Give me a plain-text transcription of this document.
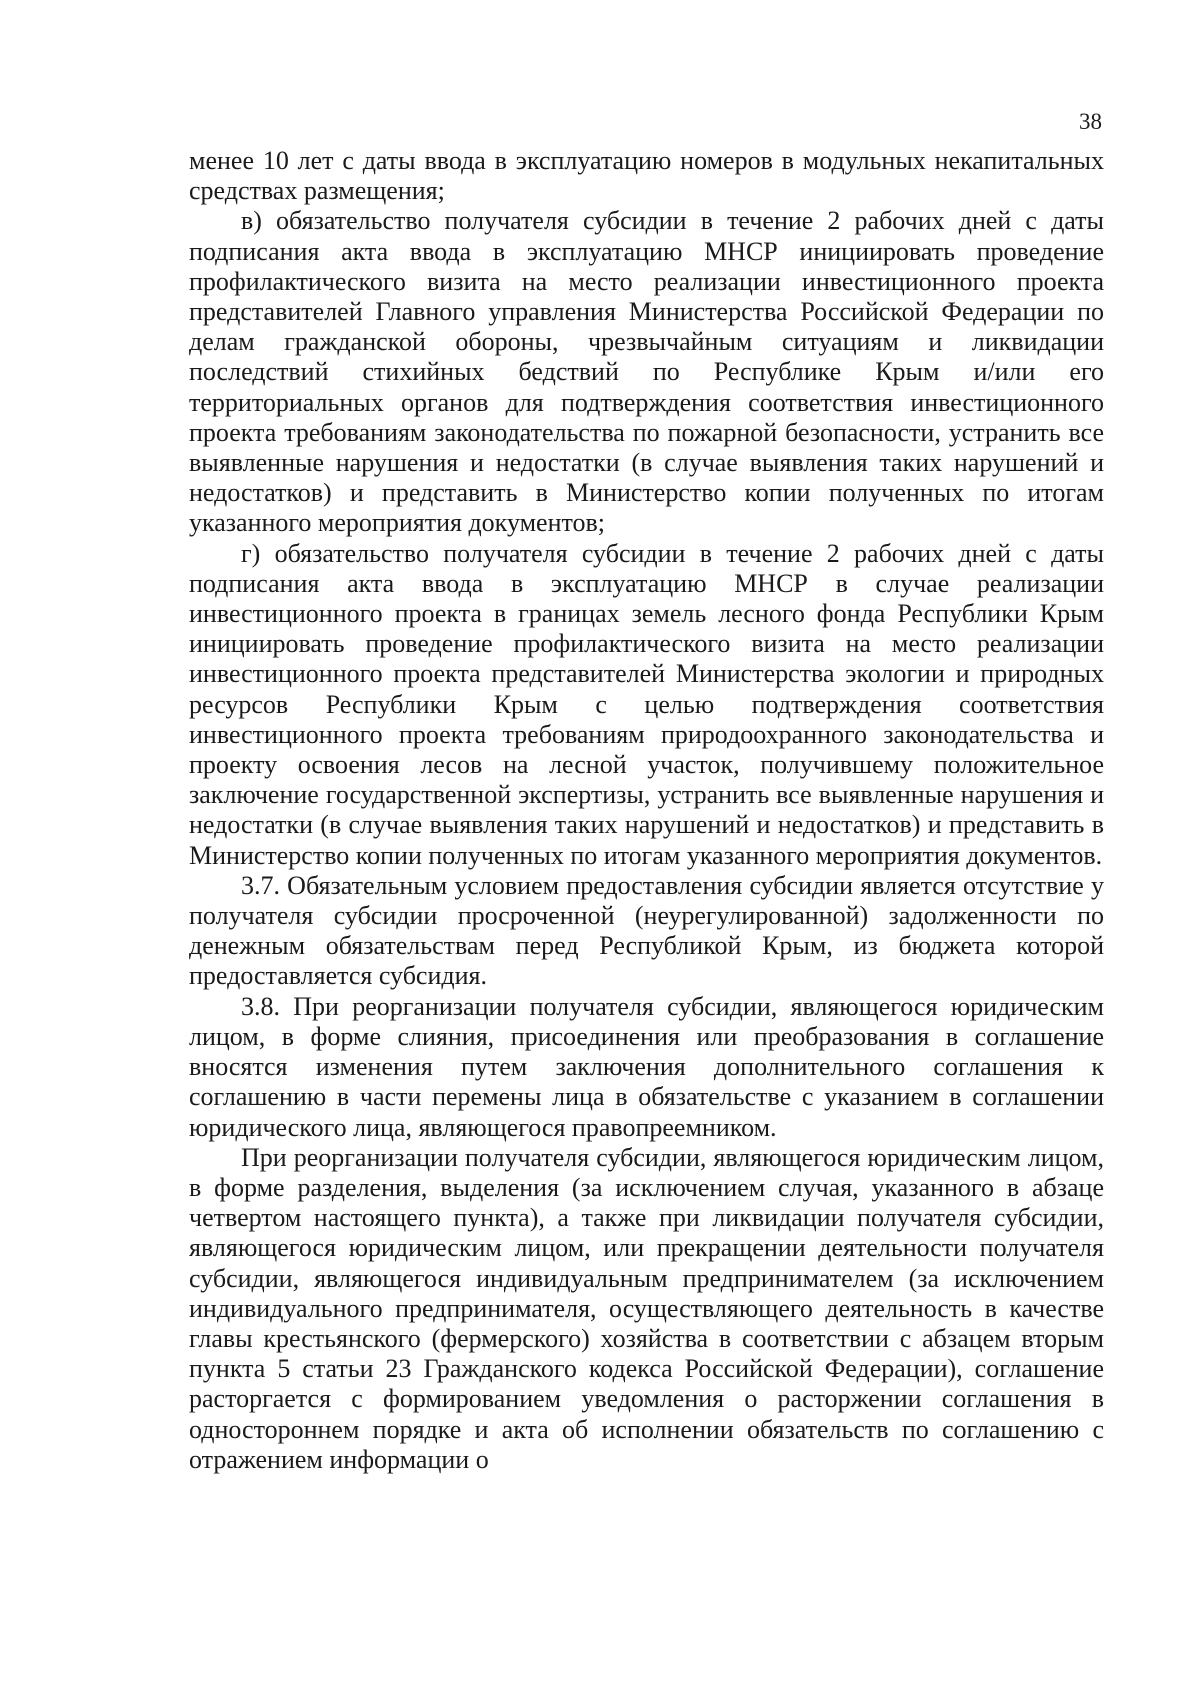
38

менее 10 лет с даты ввода в эксплуатацию номеров в модульных некапитальных средствах размещения;

в) обязательство получателя субсидии в течение 2 рабочих дней с даты подписания акта ввода в эксплуатацию МНСР инициировать проведение профилактического визита на место реализации инвестиционного проекта представителей Главного управления Министерства Российской Федерации по делам гражданской обороны, чрезвычайным ситуациям и ликвидации последствий стихийных бедствий по Республике Крым и/или его территориальных органов для подтверждения соответствия инвестиционного проекта требованиям законодательства по пожарной безопасности, устранить все выявленные нарушения и недостатки (в случае выявления таких нарушений и недостатков) и представить в Министерство копии полученных по итогам указанного мероприятия документов;

г) обязательство получателя субсидии в течение 2 рабочих дней с даты подписания акта ввода в эксплуатацию МНСР в случае реализации инвестиционного проекта в границах земель лесного фонда Республики Крым инициировать проведение профилактического визита на место реализации инвестиционного проекта представителей Министерства экологии и природных ресурсов Республики Крым с целью подтверждения соответствия инвестиционного проекта требованиям природоохранного законодательства и проекту освоения лесов на лесной участок, получившему положительное заключение государственной экспертизы, устранить все выявленные нарушения и недостатки (в случае выявления таких нарушений и недостатков) и представить в Министерство копии полученных по итогам указанного мероприятия документов.

3.7. Обязательным условием предоставления субсидии является отсутствие у получателя субсидии просроченной (неурегулированной) задолженности по денежным обязательствам перед Республикой Крым, из бюджета которой предоставляется субсидия.

3.8. При реорганизации получателя субсидии, являющегося юридическим лицом, в форме слияния, присоединения или преобразования в соглашение вносятся изменения путем заключения дополнительного соглашения к соглашению в части перемены лица в обязательстве с указанием в соглашении юридического лица, являющегося правопреемником.

При реорганизации получателя субсидии, являющегося юридическим лицом, в форме разделения, выделения (за исключением случая, указанного в абзаце четвертом настоящего пункта), а также при ликвидации получателя субсидии, являющегося юридическим лицом, или прекращении деятельности получателя субсидии, являющегося индивидуальным предпринимателем (за исключением индивидуального предпринимателя, осуществляющего деятельность в качестве главы крестьянского (фермерского) хозяйства в соответствии с абзацем вторым пункта 5 статьи 23 Гражданского кодекса Российской Федерации), соглашение расторгается с формированием уведомления о расторжении соглашения в одностороннем порядке и акта об исполнении обязательств по соглашению с отражением информации о
